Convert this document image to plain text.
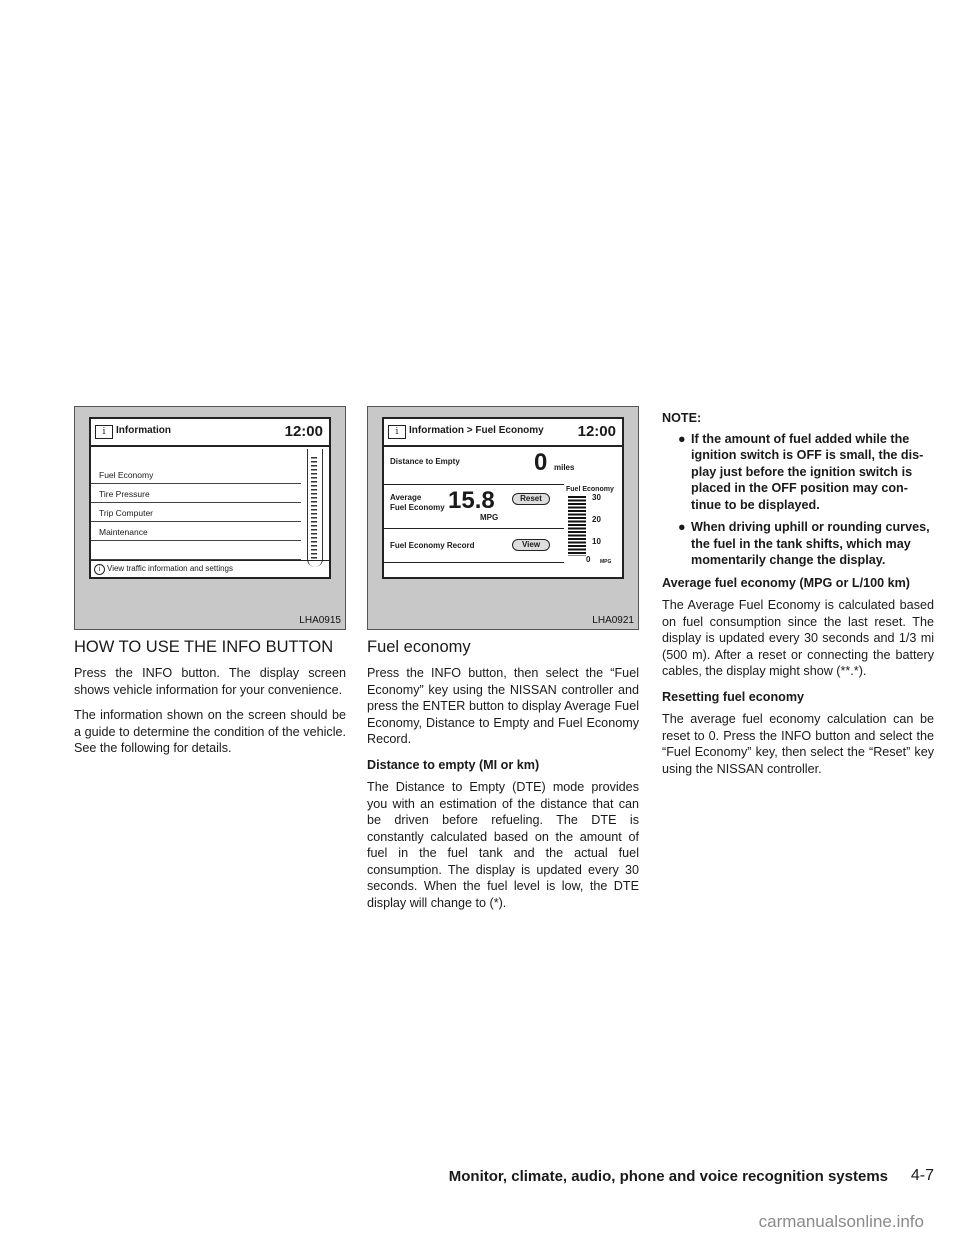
i	Information	12:00
Fuel Economy
Tire Pressure
Trip Computer
Maintenance
i View traffic information and settings
LHA0915
i	Information > Fuel Economy 12:00
Distance to Empty	0 miles
Average
Fuel Economy 15.8
MPG
Reset
Fuel Economy Record	View
Fuel Economy
30
20
10
0 MPG
LHA0921
HOW TO USE THE INFO BUTTON

Press the INFO button. The display screen shows vehicle information for your convenience.

The information shown on the screen should be a guide to determine the condition of the vehicle. See the following for details.

Fuel economy

Press the INFO button, then select the “Fuel Economy” key using the NISSAN controller and press the ENTER button to display Average Fuel Economy, Distance to Empty and Fuel Economy Record.

Distance to empty (MI or km)

The Distance to Empty (DTE) mode provides you with an estimation of the distance that can be driven before refueling. The DTE is constantly calculated based on the amount of fuel in the fuel tank and the actual fuel consumption. The display is updated every 30 seconds. When the fuel level is low, the DTE display will change to (*).

NOTE:
● If the amount of fuel added while the ignition switch is OFF is small, the dis-play just before the ignition switch is placed in the OFF position may con-tinue to be displayed.
● When driving uphill or rounding curves, the fuel in the tank shifts, which may momentarily change the display.
Average fuel economy (MPG or L/100 km)

The Average Fuel Economy is calculated based on fuel consumption since the last reset. The display is updated every 30 seconds and 1/3 mi (500 m). After a reset or connecting the battery cables, the display might show (**.*).

Resetting fuel economy

The average fuel economy calculation can be reset to 0. Press the INFO button and select the “Fuel Economy” key, then select the “Reset” key using the NISSAN controller.

Monitor, climate, audio, phone and voice recognition systems 4-7
carmanualsonline.info
